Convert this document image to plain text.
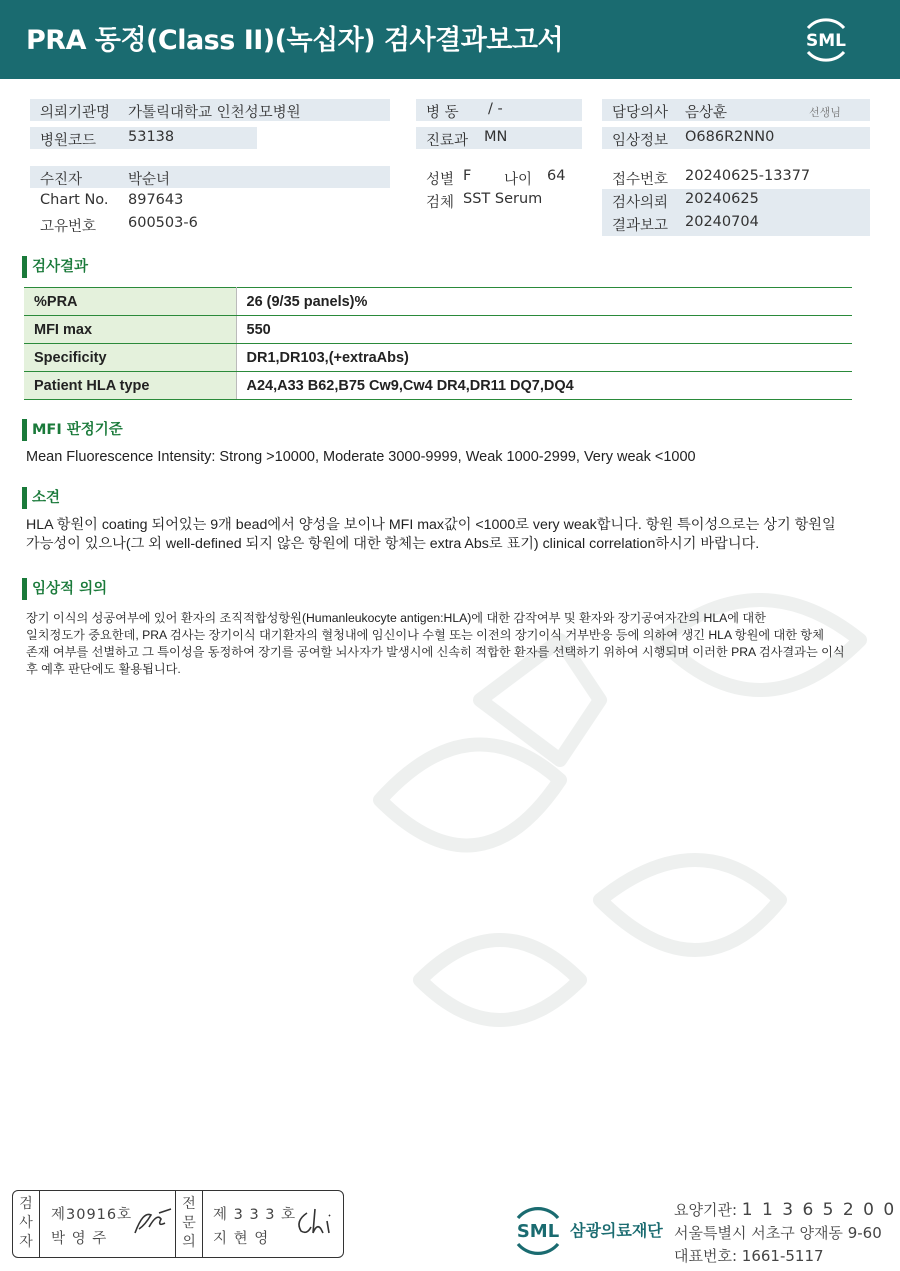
PRA 동정(Class II)(녹십자) 검사결과보고서	SML
의뢰기관명 가톨릭대학교 인천성모병원
병원코드 53138
수진자	박순녀
Chart No. 897643
고유번호 600503-6
병 동 / -
진료과 MN
성별 F 나이 64
검체 SST Serum
담당의사 음상훈	선생님
임상정보 O686R2NN0
접수번호 20240625-13377
검사의뢰 20240625
결과보고 20240704
검사결과
%PRA	26 (9/35 panels)%
MFI max	550
Specificity	DR1,DR103,(+extraAbs)
Patient HLA type	A24,A33 B62,B75 Cw9,Cw4 DR4,DR11 DQ7,DQ4
MFI 판정기준
Mean Fluorescence Intensity: Strong >10000, Moderate 3000-9999, Weak 1000-2999, Very weak <1000
소견
HLA 항원이 coating 되어있는 9개 bead에서 양성을 보이나 MFI max값이 <1000로 very weak합니다. 항원 특이성으로는 상기 항원일
가능성이 있으나(그 외 well-defined 되지 않은 항원에 대한 항체는 extra Abs로 표기) clinical correlation하시기 바랍니다.
임상적 의의
장기 이식의 성공여부에 있어 환자의 조직적합성항원(Humanleukocyte antigen:HLA)에 대한 감작여부 및 환자와 장기공여자간의 HLA에 대한
일치정도가 중요한데, PRA 검사는 장기이식 대기환자의 혈청내에 임신이나 수혈 또는 이전의 장기이식 거부반응 등에 의하여 생긴 HLA 항원에 대한 항체
존재 여부를 선별하고 그 특이성을 동정하여 장기를 공여할 뇌사자가 발생시에 신속히 적합한 환자를 선택하기 위하여 시행되며 이러한 PRA 검사결과는 이식
후 예후 판단에도 활용됩니다.
검
사
자
제30916호
박 영 주
전
문
의
제 3 3 3 호
지 현 영	SML 삼광의료재단
요양기관: 1 1 3 6 5 2 0 0
서울특별시 서초구 양재동 9-60
대표번호: 1661-5117
